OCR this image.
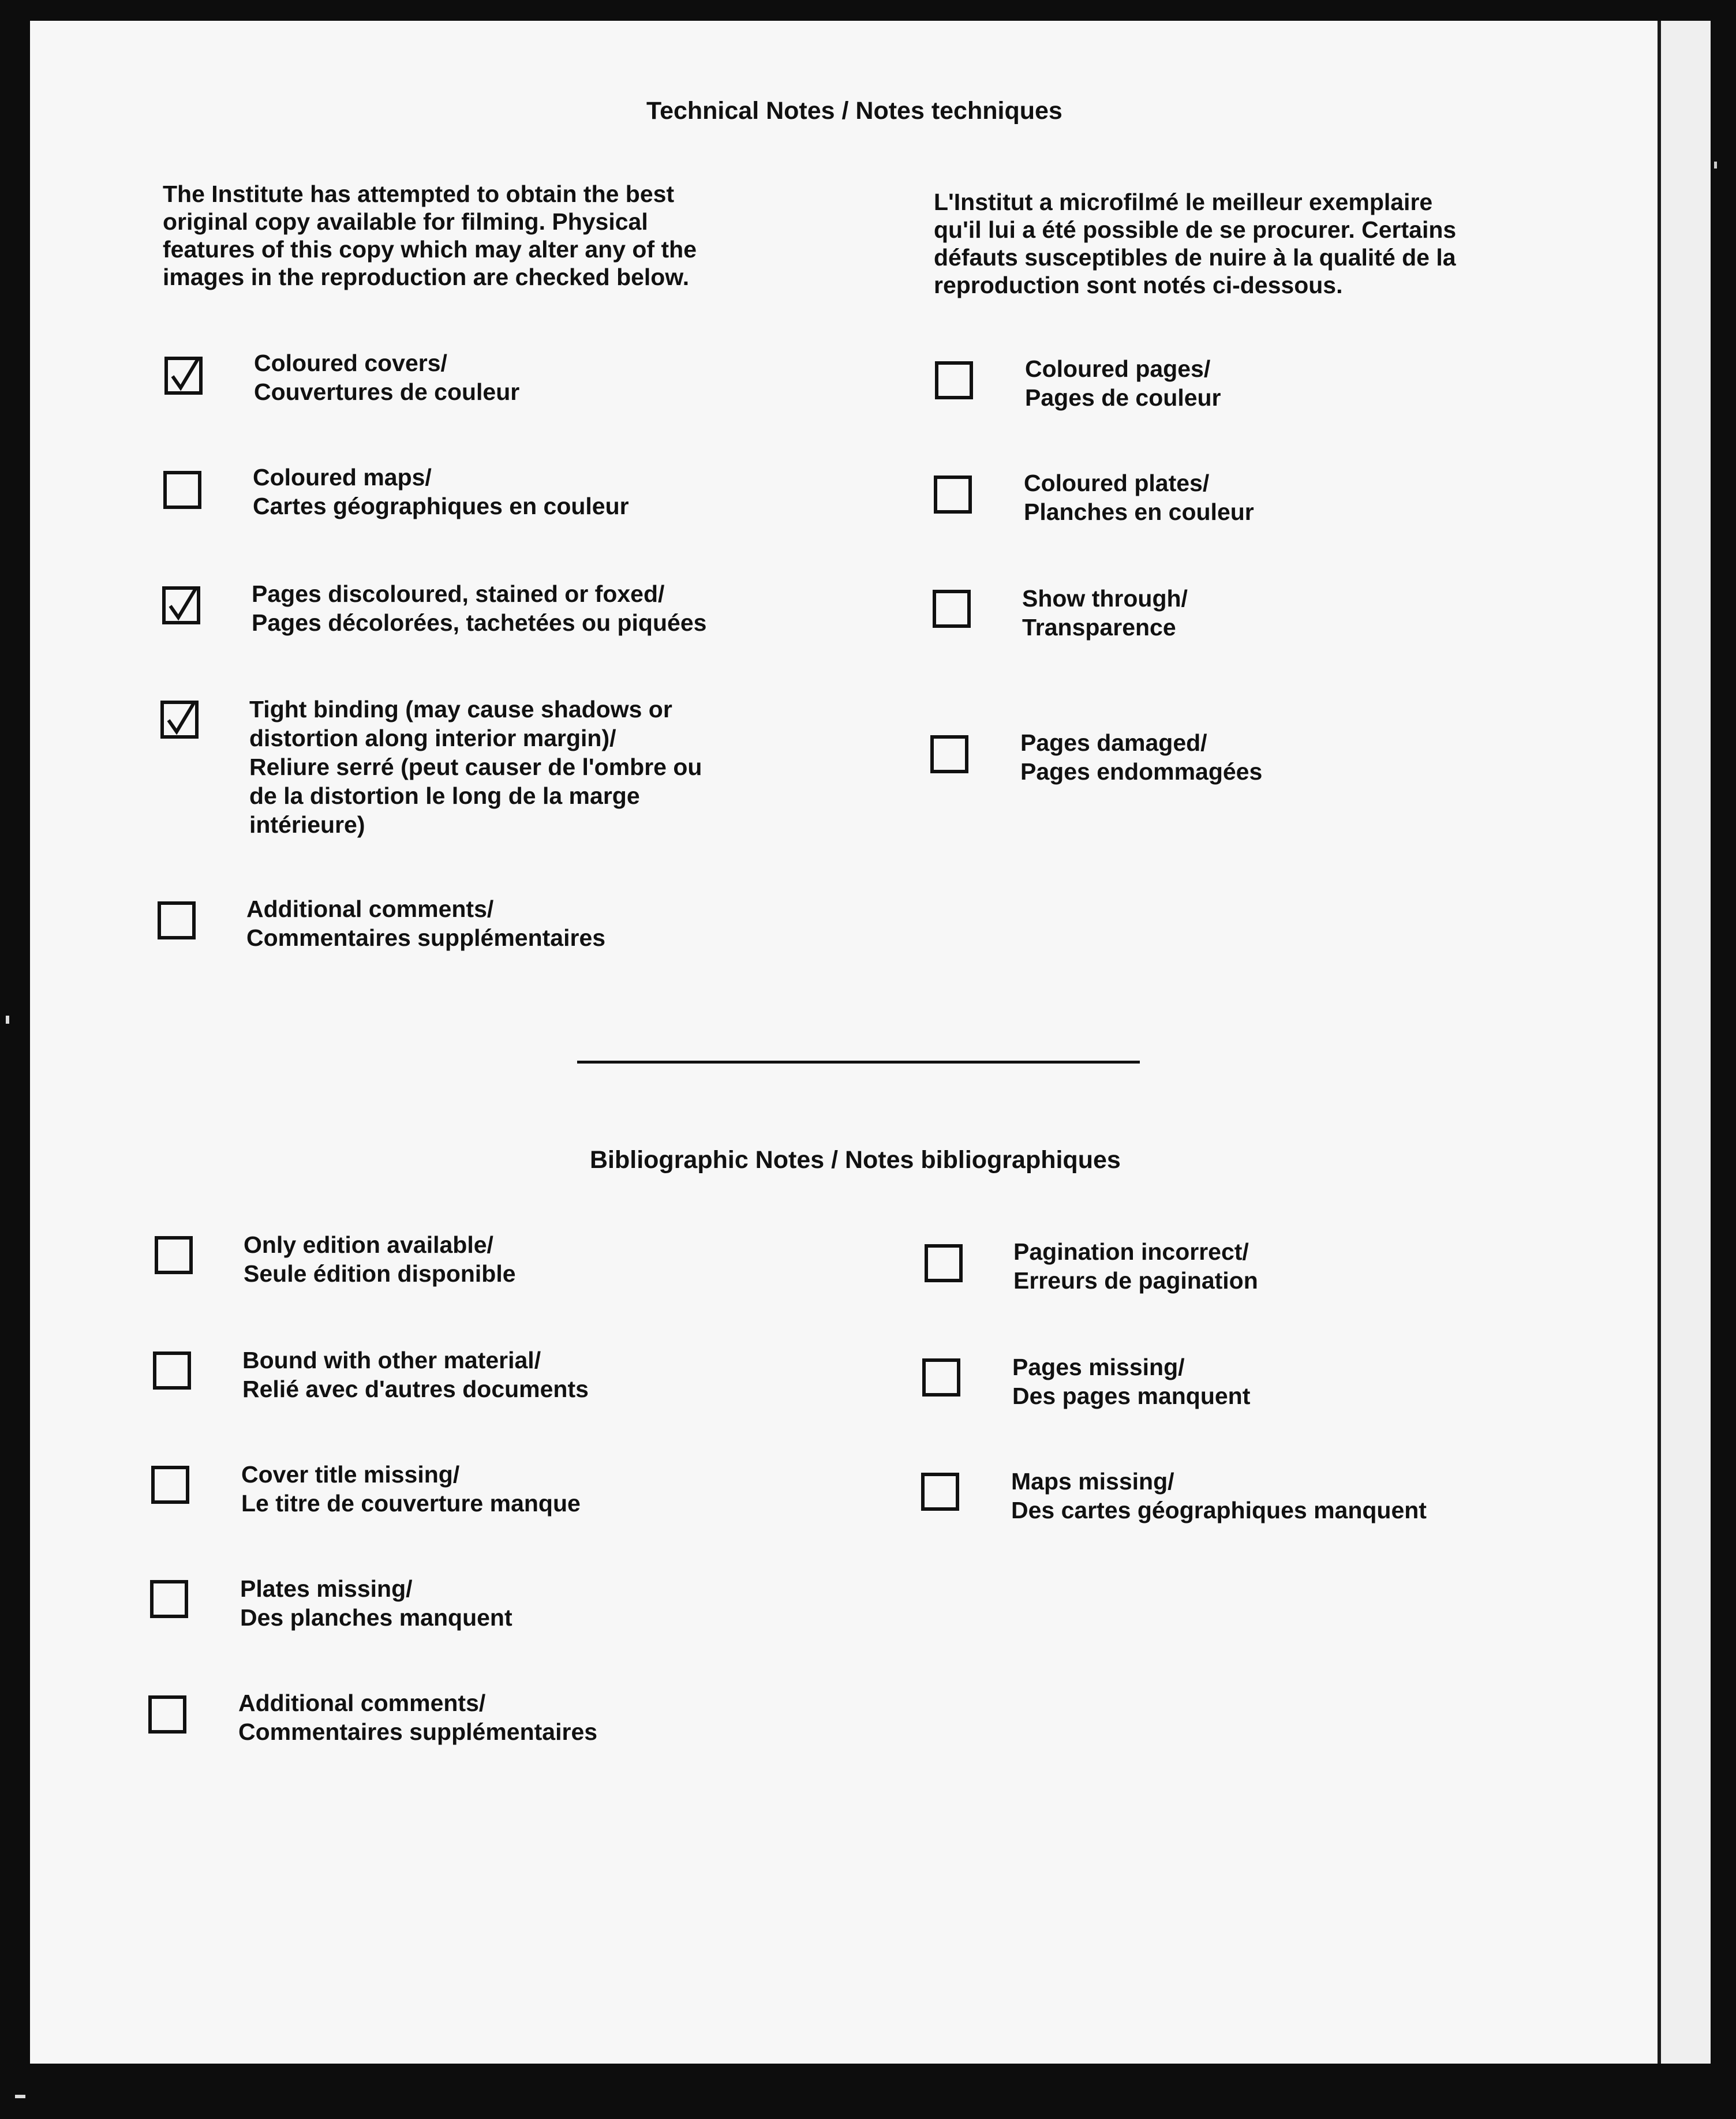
Technical Notes / Notes techniques
The Institute has attempted to obtain the best
original copy available for filming. Physical
features of this copy which may alter any of the
images in the reproduction are checked below.
L'Institut a microfilmé le meilleur exemplaire
qu'il lui a été possible de se procurer. Certains
défauts susceptibles de nuire à la qualité de la
reproduction sont notés ci-dessous.
Coloured covers/
Couvertures de couleur
Coloured maps/
Cartes géographiques en couleur
Pages discoloured, stained or foxed/
Pages décolorées, tachetées ou piquées
Tight binding (may cause shadows or
distortion along interior margin)/
Reliure serré (peut causer de l'ombre ou
de la distortion le long de la marge
intérieure)
Additional comments/
Commentaires supplémentaires
Coloured pages/
Pages de couleur
Coloured plates/
Planches en couleur
Show through/
Transparence
Pages damaged/
Pages endommagées
Bibliographic Notes / Notes bibliographiques
Only edition available/
Seule édition disponible
Bound with other material/
Relié avec d'autres documents
Cover title missing/
Le titre de couverture manque
Plates missing/
Des planches manquent
Additional comments/
Commentaires supplémentaires
Pagination incorrect/
Erreurs de pagination
Pages missing/
Des pages manquent
Maps missing/
Des cartes géographiques manquent
